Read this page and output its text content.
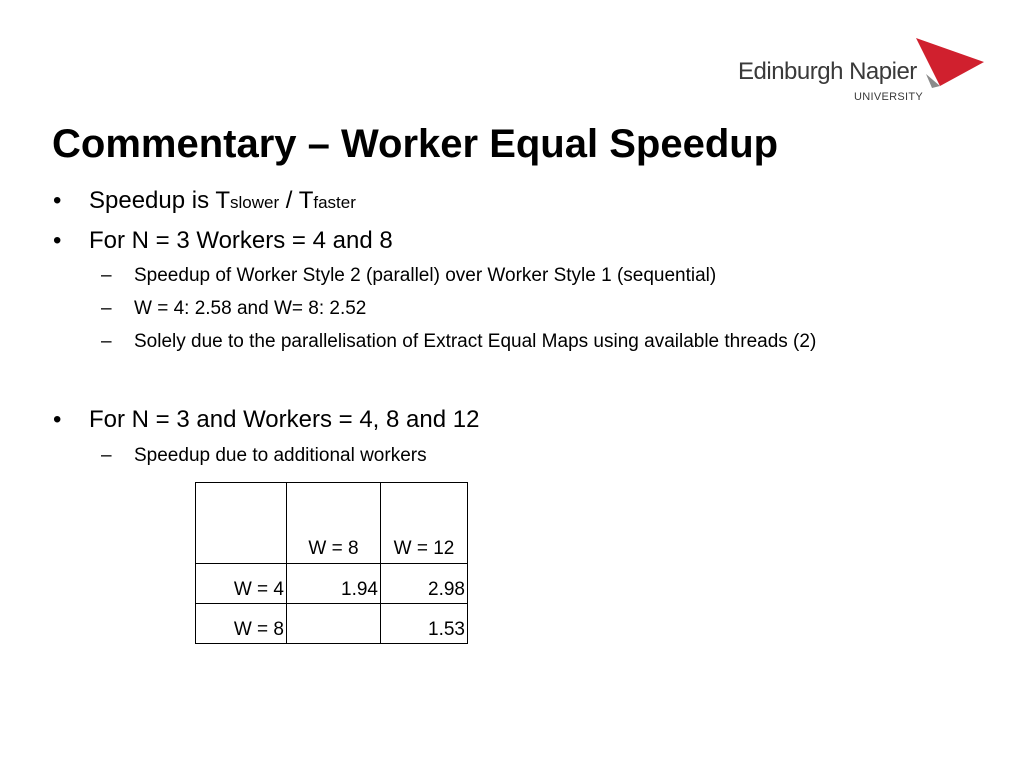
Edinburgh Napier
UNIVERSITY
Commentary – Worker Equal Speedup
• Speedup is Tslower / Tfaster
• For N = 3 Workers = 4 and 8
– Speedup of Worker Style 2 (parallel) over Worker Style 1 (sequential)
– W = 4: 2.58 and W= 8: 2.52
– Solely due to the parallelisation of Extract Equal Maps using available threads (2)
• For N = 3 and Workers = 4, 8 and 12
– Speedup due to additional workers
	W = 8	W = 12
W = 4	1.94	2.98
W = 8		1.53
